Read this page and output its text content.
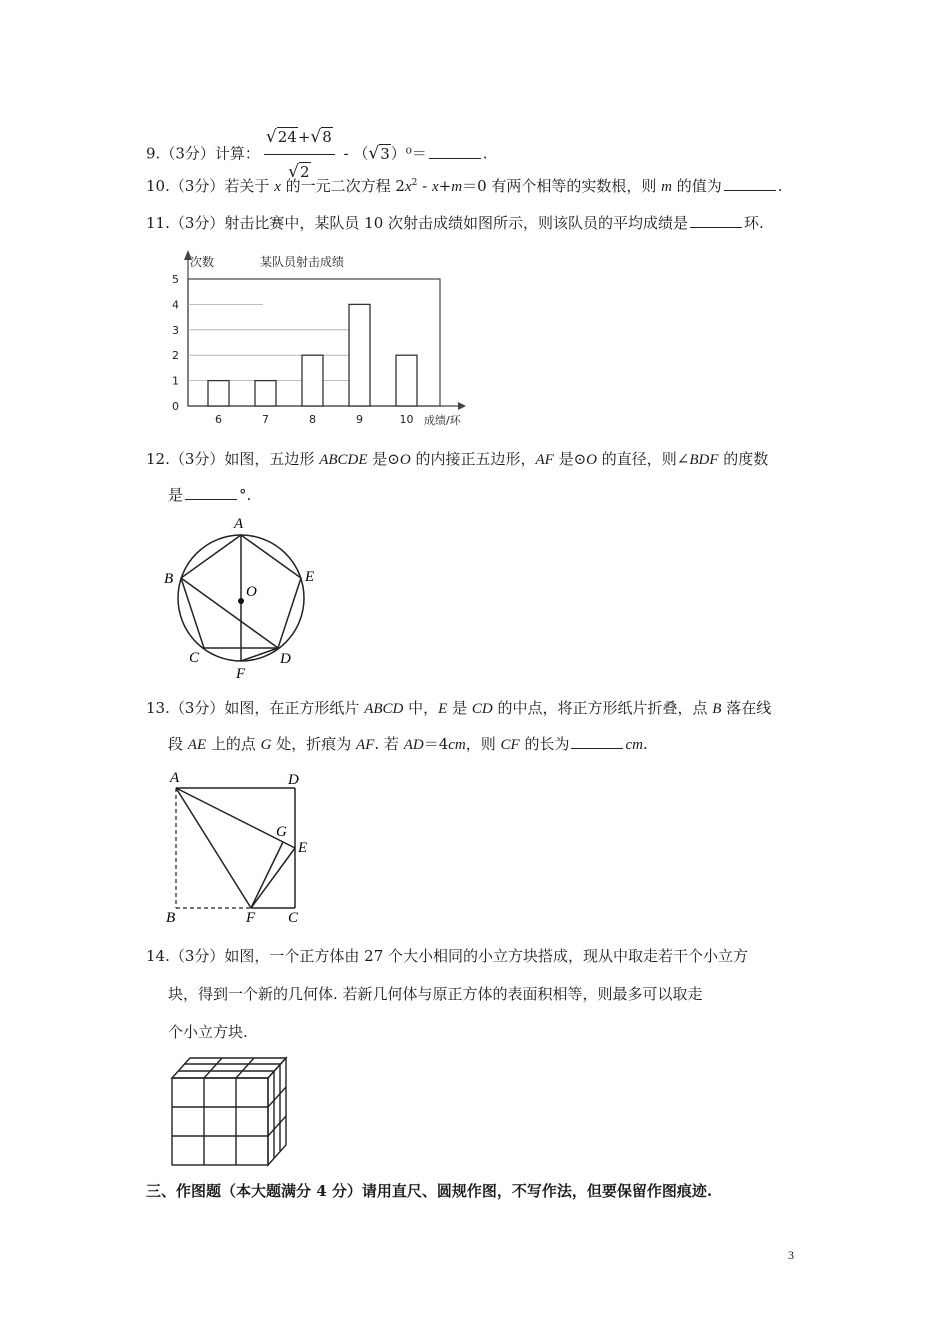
9.（3分）计算： $\frac{√24+√8}{√2} - (√3)^0=$	.
10.（3分）若关于 x 的一元二次方程 $2x^2 - x+m=0$ 有两个相等的实数根，则 m 的值为	.
11.（3分）射击比赛中，某队员 10 次射击成绩如图所示，则该队员的平均成绩是	环.
0
1
2
3
4
5
6	7	8	9	10
次数	某队员射击成绩
成绩/环
12.（3分）如图，五边形 ABCDE 是⊙O 的内接正五边形，AF 是⊙O 的直径，则∠BDF 的度数
是	°.
A
B
C	D
E
F
O
13.（3分）如图，在正方形纸片 ABCD 中，E 是 CD 的中点，将正方形纸片折叠，点 B 落在线
段 AE 上的点 G 处，折痕为 AF. 若 AD＝4cm，则 CF 的长为	cm.
A	D
G
E
B	F C
14.（3分）如图，一个正方体由 27 个大小相同的小立方块搭成，现从中取走若干个小立方
块，得到一个新的几何体. 若新几何体与原正方体的表面积相等，则最多可以取走
个小立方块.
三、作图题（本大题满分 4 分）请用直尺、圆规作图，不写作法，但要保留作图痕迹.
3
